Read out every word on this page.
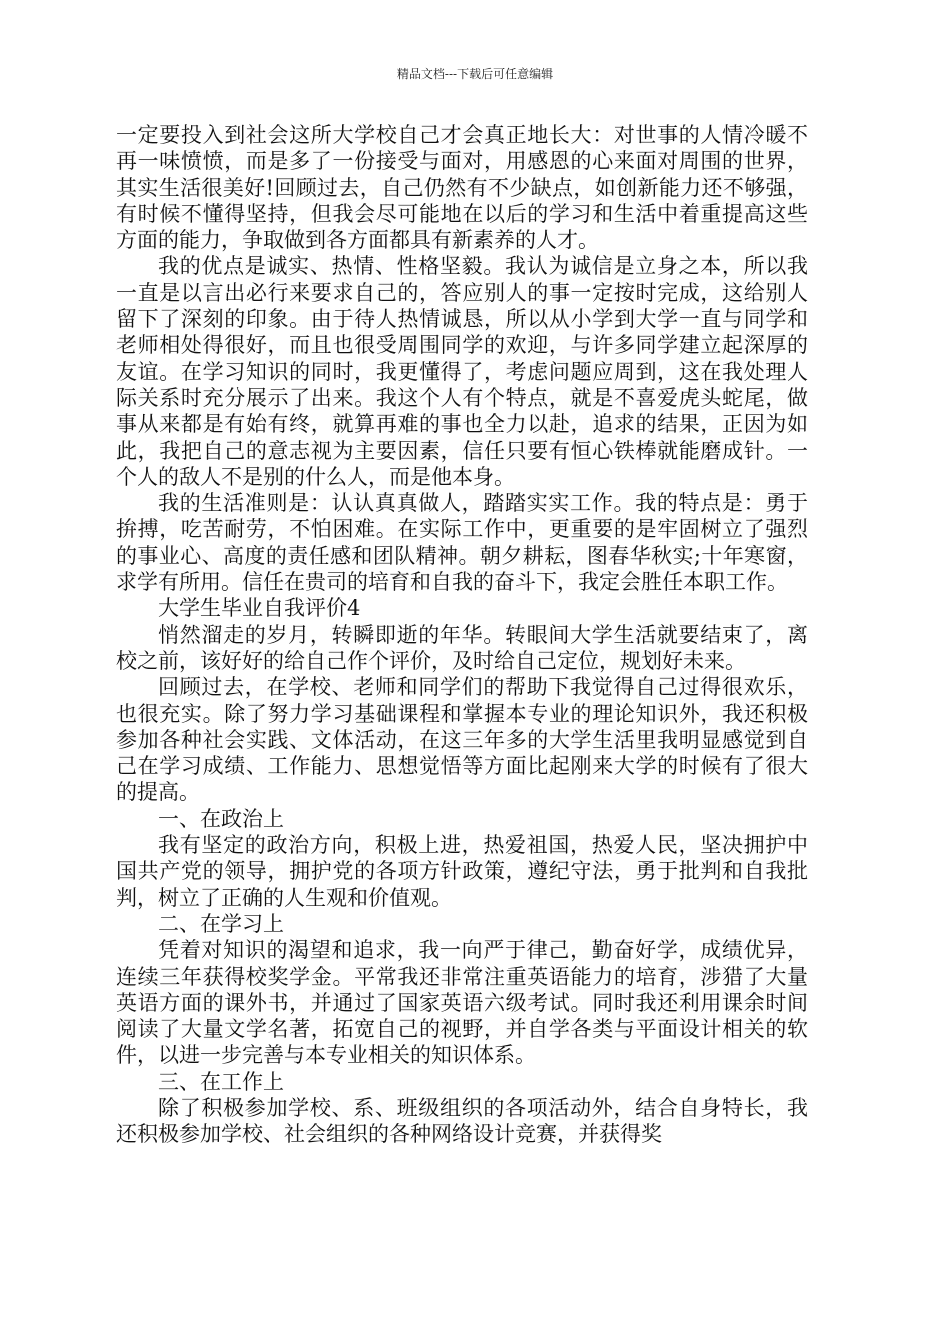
精品文档---下载后可任意编辑

一定要投入到社会这所大学校自己才会真正地长大：对世事的人情冷暖不再一味愤愤，而是多了一份接受与面对，用感恩的心来面对周围的世界，其实生活很美好!回顾过去，自己仍然有不少缺点，如创新能力还不够强，有时候不懂得坚持，但我会尽可能地在以后的学习和生活中着重提高这些方面的能力，争取做到各方面都具有新素养的人才。

我的优点是诚实、热情、性格坚毅。我认为诚信是立身之本，所以我一直是以言出必行来要求自己的，答应别人的事一定按时完成，这给别人留下了深刻的印象。由于待人热情诚恳，所以从小学到大学一直与同学和老师相处得很好，而且也很受周围同学的欢迎，与许多同学建立起深厚的友谊。在学习知识的同时，我更懂得了，考虑问题应周到，这在我处理人际关系时充分展示了出来。我这个人有个特点，就是不喜爱虎头蛇尾，做事从来都是有始有终，就算再难的事也全力以赴，追求的结果，正因为如此，我把自己的意志视为主要因素，信任只要有恒心铁棒就能磨成针。一个人的敌人不是别的什么人，而是他本身。

我的生活准则是：认认真真做人，踏踏实实工作。我的特点是：勇于拚搏，吃苦耐劳，不怕困难。在实际工作中，更重要的是牢固树立了强烈的事业心、高度的责任感和团队精神。朝夕耕耘，图春华秋实;十年寒窗，求学有所用。信任在贵司的培育和自我的奋斗下，我定会胜任本职工作。

大学生毕业自我评价4

悄然溜走的岁月，转瞬即逝的年华。转眼间大学生活就要结束了，离校之前，该好好的给自己作个评价，及时给自己定位，规划好未来。

回顾过去，在学校、老师和同学们的帮助下我觉得自己过得很欢乐，也很充实。除了努力学习基础课程和掌握本专业的理论知识外，我还积极参加各种社会实践、文体活动，在这三年多的大学生活里我明显感觉到自己在学习成绩、工作能力、思想觉悟等方面比起刚来大学的时候有了很大的提高。

一、在政治上

我有坚定的政治方向，积极上进，热爱祖国，热爱人民，坚决拥护中国共产党的领导，拥护党的各项方针政策，遵纪守法，勇于批判和自我批判，树立了正确的人生观和价值观。

二、在学习上

凭着对知识的渴望和追求，我一向严于律己，勤奋好学，成绩优异，连续三年获得校奖学金。平常我还非常注重英语能力的培育，涉猎了大量英语方面的课外书，并通过了国家英语六级考试。同时我还利用课余时间阅读了大量文学名著，拓宽自己的视野，并自学各类与平面设计相关的软件，以进一步完善与本专业相关的知识体系。

三、在工作上

除了积极参加学校、系、班级组织的各项活动外，结合自身特长，我还积极参加学校、社会组织的各种网络设计竞赛，并获得奖
